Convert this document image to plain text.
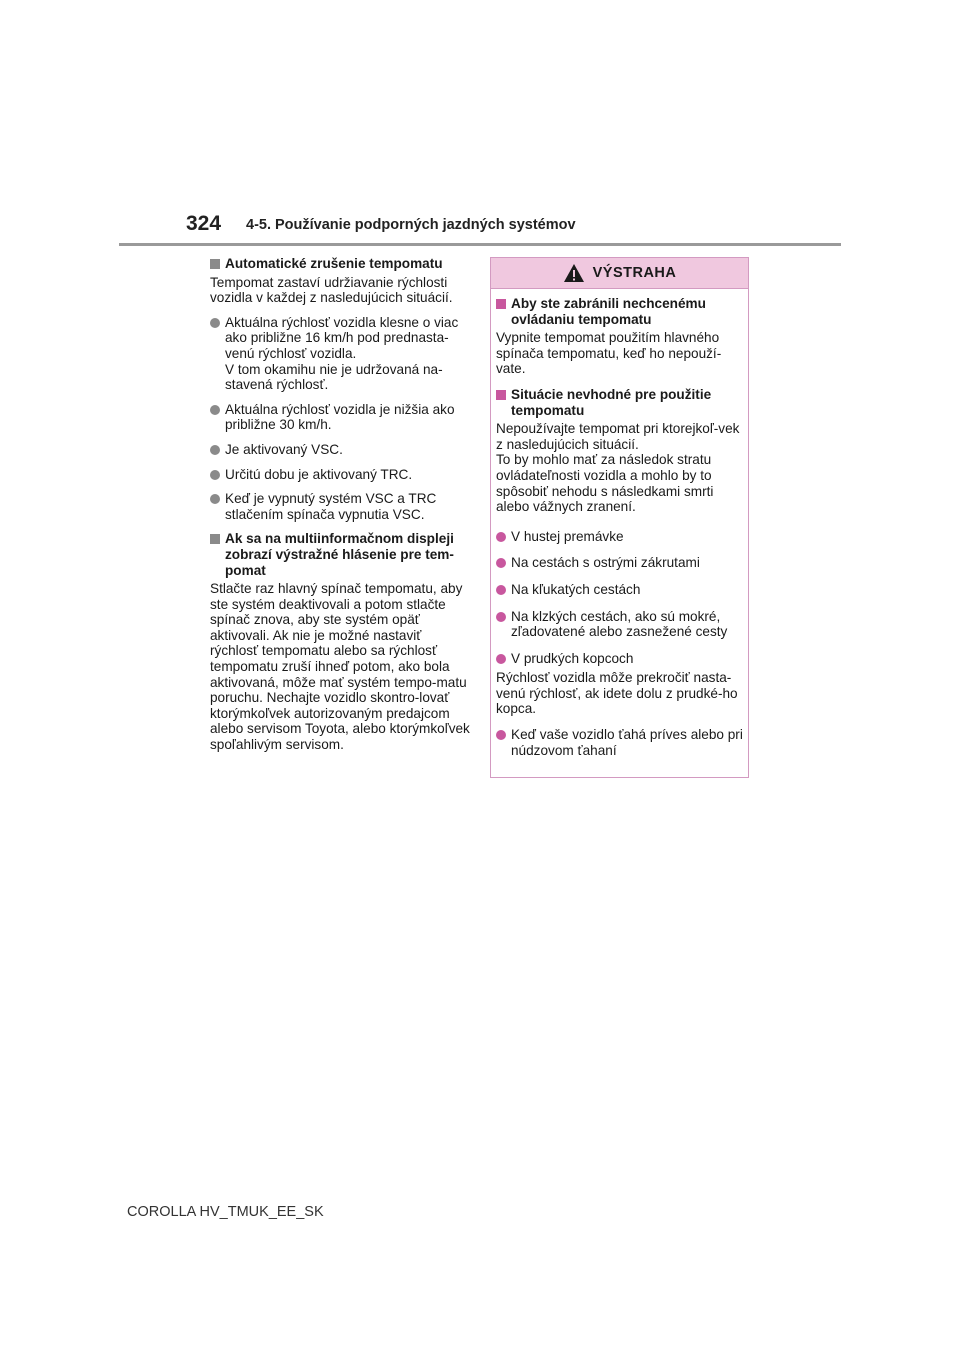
324 4-5. Používanie podporných jazdných systémov
Automatické zrušenie tempomatu

Tempomat zastaví udržiavanie rýchlosti vozidla v každej z nasledujúcich situácií.

Aktuálna rýchlosť vozidla klesne o viac ako približne 16 km/h pod prednasta-venú rýchlosť vozidla.
V tom okamihu nie je udržovaná na-stavená rýchlosť.
Aktuálna rýchlosť vozidla je nižšia ako približne 30 km/h.
Je aktivovaný VSC.
Určitú dobu je aktivovaný TRC.
Keď je vypnutý systém VSC a TRC stlačením spínača vypnutia VSC.
Ak sa na multiinformačnom displeji zobrazí výstražné hlásenie pre tem-pomat

Stlačte raz hlavný spínač tempomatu, aby ste systém deaktivovali a potom stlačte spínač znova, aby ste systém opäť aktivovali. Ak nie je možné nastaviť rýchlosť tempomatu alebo sa rýchlosť tempomatu zruší ihneď potom, ako bola aktivovaná, môže mať systém tempo-matu poruchu. Nechajte vozidlo skontro-lovať ktorýmkoľvek autorizovaným predajcom alebo servisom Toyota, alebo ktorýmkoľvek spoľahlivým servisom.

VÝSTRAHA
Aby ste zabránili nechcenému ovládaniu tempomatu

Vypnite tempomat použitím hlavného spínača tempomatu, keď ho nepouží-vate.

Situácie nevhodné pre použitie tempomatu

Nepoužívajte tempomat pri ktorejkoľ-vek z nasledujúcich situácií.
To by mohlo mať za následok stratu ovládateľnosti vozidla a mohlo by to spôsobiť nehodu s následkami smrti alebo vážnych zranení.

V hustej premávke
Na cestách s ostrými zákrutami
Na kľukatých cestách
Na klzkých cestách, ako sú mokré, zľadovatené alebo zasnežené cesty
V prudkých kopcoch

Rýchlosť vozidla môže prekročiť nasta-venú rýchlosť, ak idete dolu z prudké-ho kopca.

Keď vaše vozidlo ťahá príves alebo pri núdzovom ťahaní
COROLLA HV_TMUK_EE_SK
